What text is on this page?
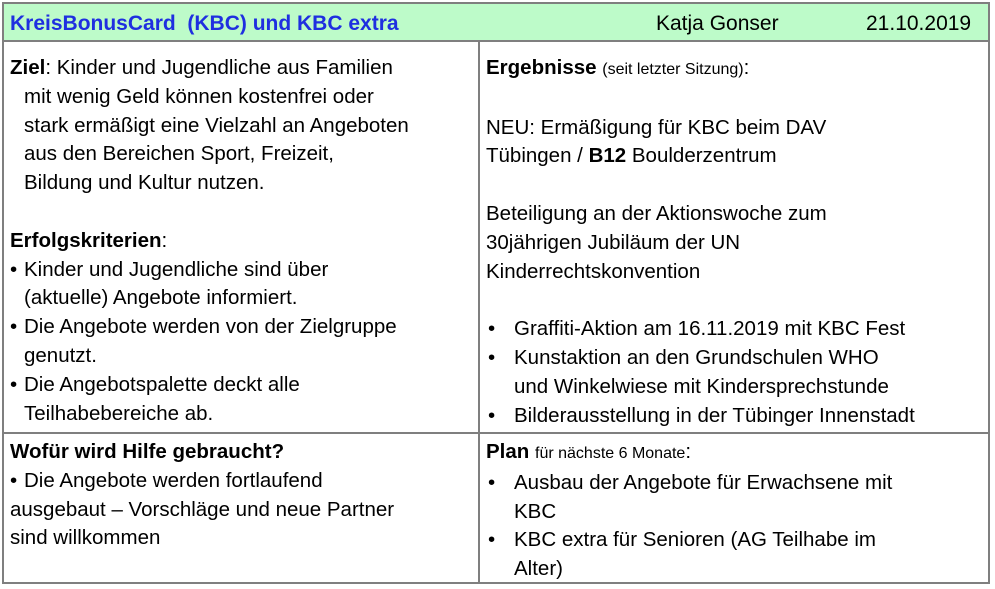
KreisBonusCard  (KBC) und KBC extra	Katja Gonser	21.10.2019
Ziel: Kinder und Jugendliche aus Familien
mit wenig Geld können kostenfrei oder
stark ermäßigt eine Vielzahl an Angeboten
aus den Bereichen Sport, Freizeit,
Bildung und Kultur nutzen.
Erfolgskriterien:
• Kinder und Jugendliche sind über
(aktuelle) Angebote informiert.
• Die Angebote werden von der Zielgruppe
genutzt.
• Die Angebotspalette deckt alle
Teilhabebereiche ab.
Ergebnisse (seit letzter Sitzung):
NEU: Ermäßigung für KBC beim DAV
Tübingen / B12 Boulderzentrum
Beteiligung an der Aktionswoche zum
30jährigen Jubiläum der UN
Kinderrechtskonvention
• Graffiti-Aktion am 16.11.2019 mit KBC Fest
• Kunstaktion an den Grundschulen WHO
und Winkelwiese mit Kindersprechstunde
• Bilderausstellung in der Tübinger Innenstadt
Wofür wird Hilfe gebraucht?
• Die Angebote werden fortlaufend
ausgebaut – Vorschläge und neue Partner
sind willkommen
Plan für nächste 6 Monate:
• Ausbau der Angebote für Erwachsene mit
KBC
• KBC extra für Senioren (AG Teilhabe im
Alter)
